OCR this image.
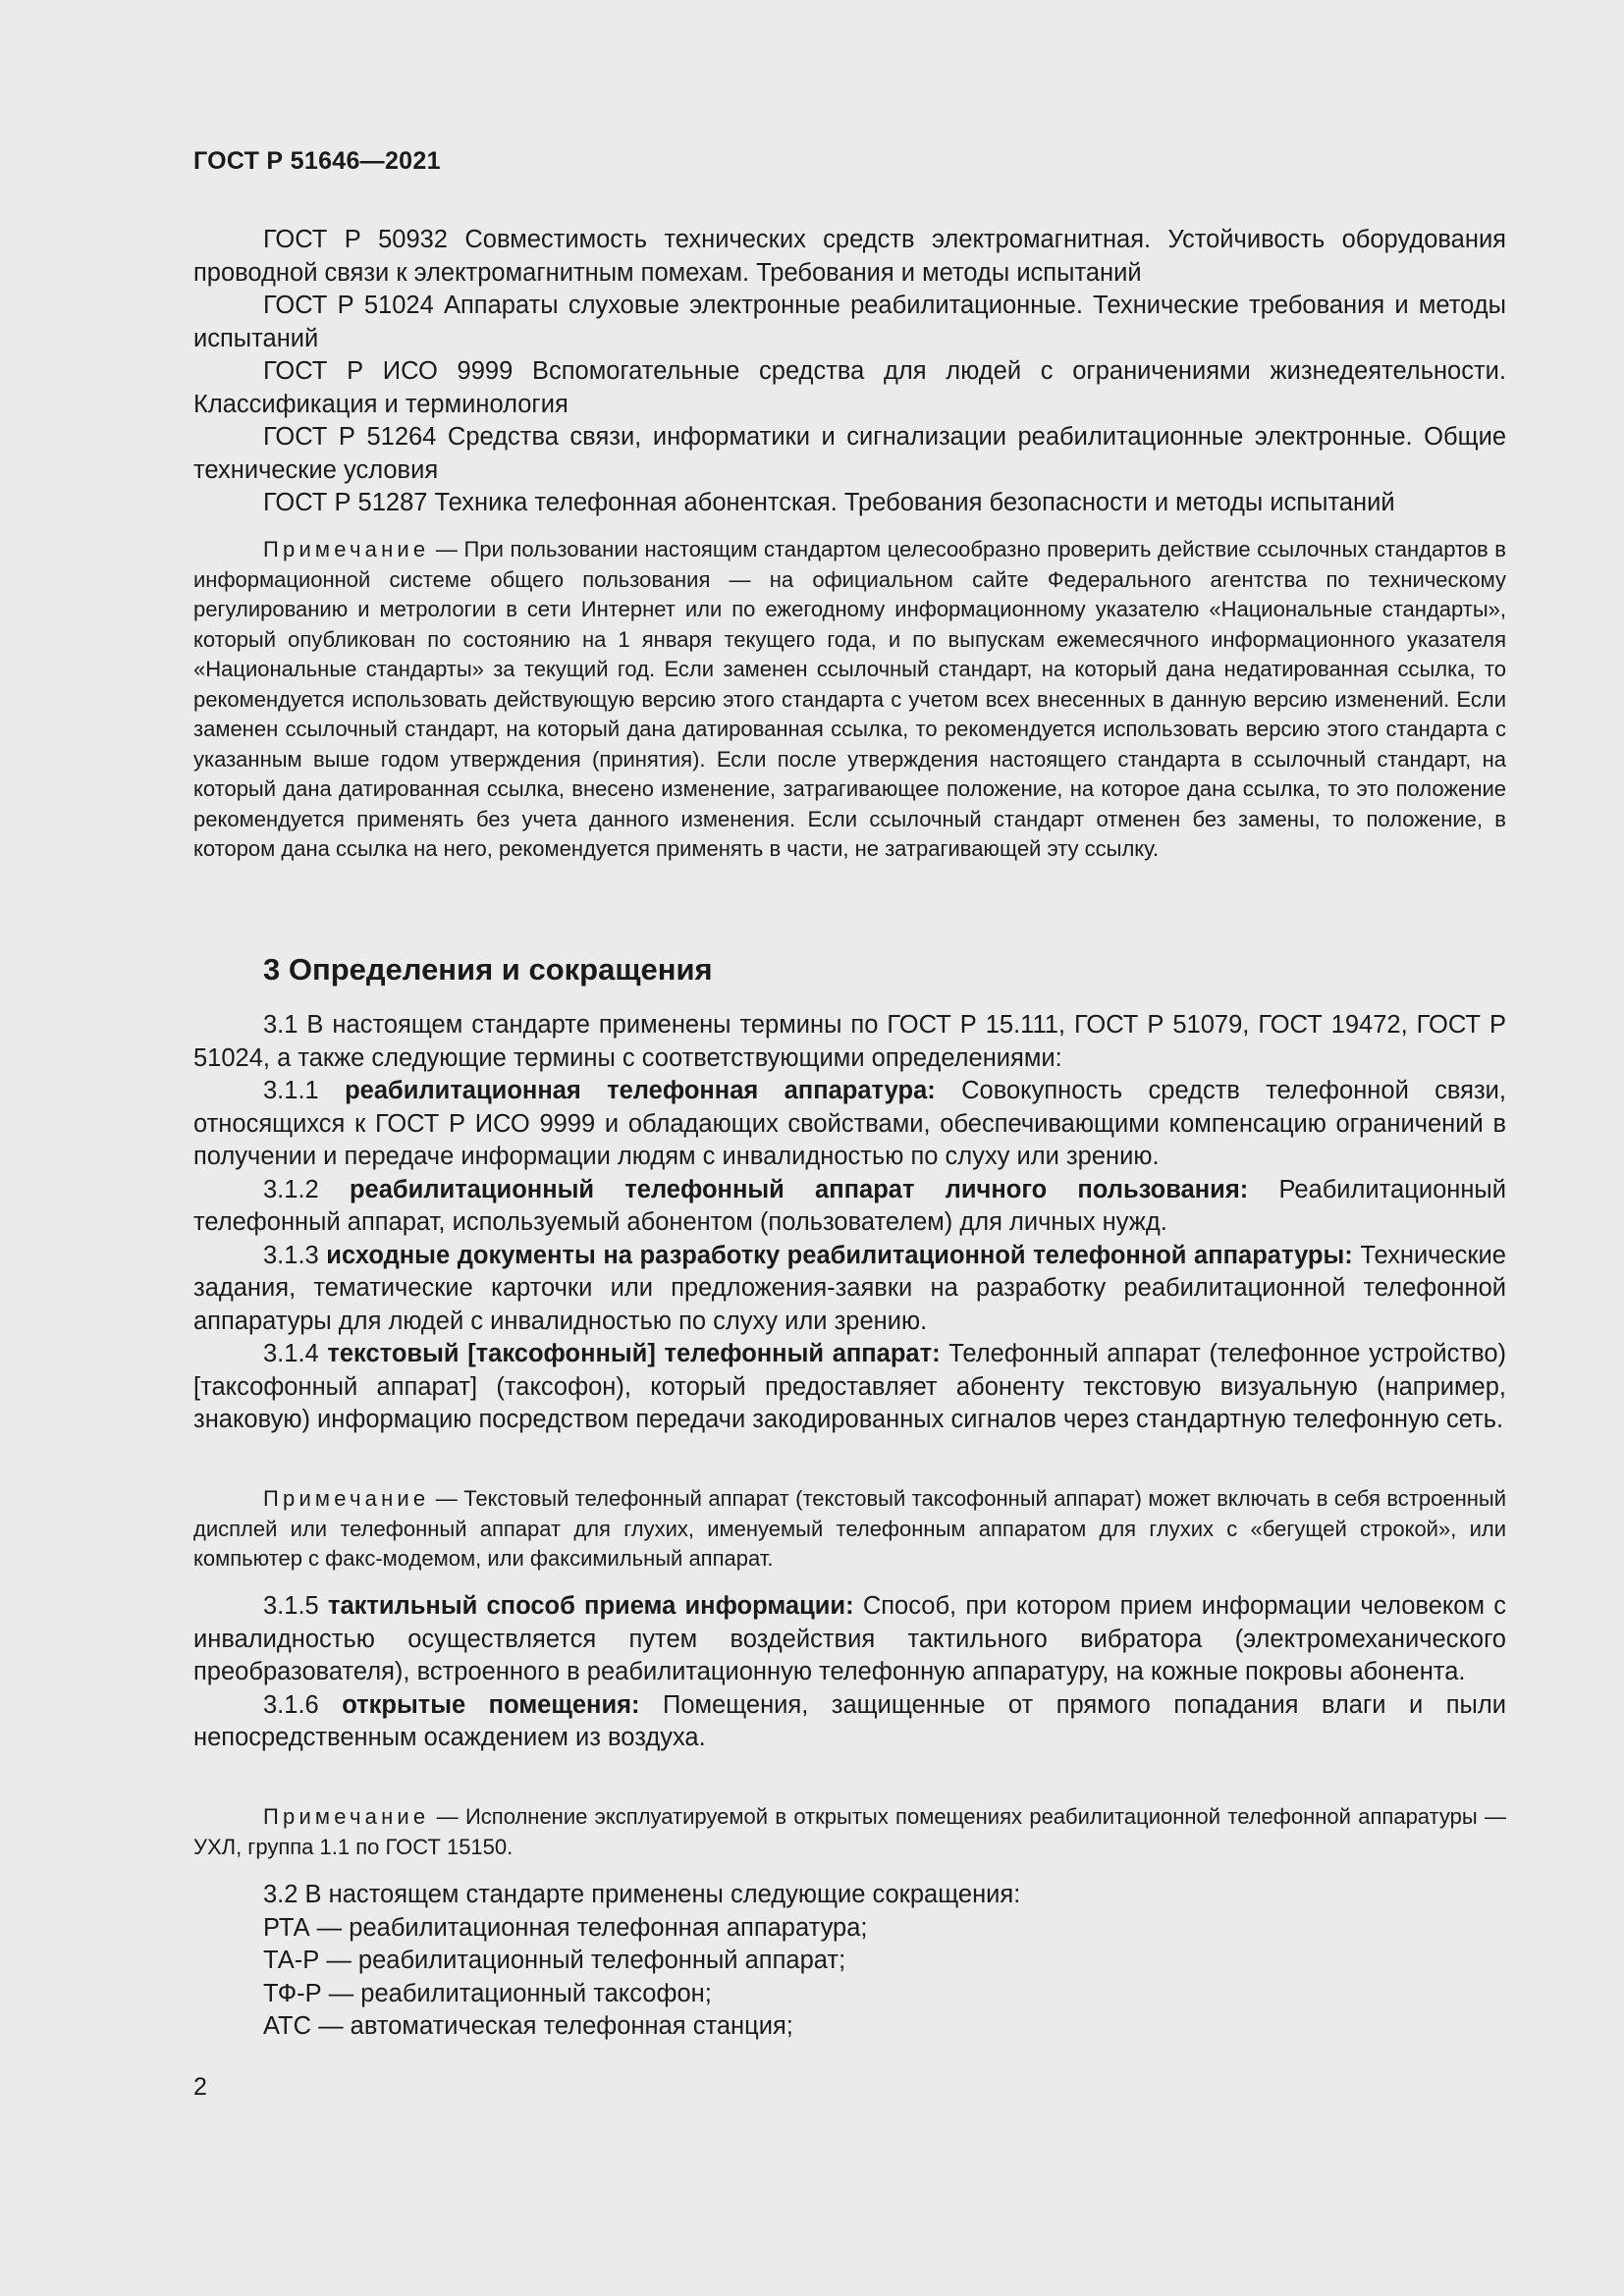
ГОСТ Р 51646—2021

ГОСТ Р 50932 Совместимость технических средств электромагнитная. Устойчивость оборудования проводной связи к электромагнитным помехам. Требования и методы испытаний

ГОСТ Р 51024 Аппараты слуховые электронные реабилитационные. Технические требования и методы испытаний

ГОСТ Р ИСО 9999 Вспомогательные средства для людей с ограничениями жизнедеятельности. Классификация и терминология

ГОСТ Р 51264 Средства связи, информатики и сигнализации реабилитационные электронные. Общие технические условия

ГОСТ Р 51287 Техника телефонная абонентская. Требования безопасности и методы испытаний

Примечание — При пользовании настоящим стандартом целесообразно проверить действие ссылочных стандартов в информационной системе общего пользования — на официальном сайте Федерального агентства по техническому регулированию и метрологии в сети Интернет или по ежегодному информационному указателю «Национальные стандарты», который опубликован по состоянию на 1 января текущего года, и по выпускам ежемесячного информационного указателя «Национальные стандарты» за текущий год. Если заменен ссылочный стандарт, на который дана недатированная ссылка, то рекомендуется использовать действующую версию этого стандарта с учетом всех внесенных в данную версию изменений. Если заменен ссылочный стандарт, на который дана датированная ссылка, то рекомендуется использовать версию этого стандарта с указанным выше годом утверждения (принятия). Если после утверждения настоящего стандарта в ссылочный стандарт, на который дана датированная ссылка, внесено изменение, затрагивающее положение, на которое дана ссылка, то это положение рекомендуется применять без учета данного изменения. Если ссылочный стандарт отменен без замены, то положение, в котором дана ссылка на него, рекомендуется применять в части, не затрагивающей эту ссылку.

3 Определения и сокращения

3.1 В настоящем стандарте применены термины по ГОСТ Р 15.111, ГОСТ Р 51079, ГОСТ 19472, ГОСТ Р 51024, а также следующие термины с соответствующими определениями:

3.1.1 реабилитационная телефонная аппаратура: Совокупность средств телефонной связи, относящихся к ГОСТ Р ИСО 9999 и обладающих свойствами, обеспечивающими компенсацию ограничений в получении и передаче информации людям с инвалидностью по слуху или зрению.

3.1.2 реабилитационный телефонный аппарат личного пользования: Реабилитационный телефонный аппарат, используемый абонентом (пользователем) для личных нужд.

3.1.3 исходные документы на разработку реабилитационной телефонной аппаратуры: Технические задания, тематические карточки или предложения-заявки на разработку реабилитационной телефонной аппаратуры для людей с инвалидностью по слуху или зрению.

3.1.4 текстовый [таксофонный] телефонный аппарат: Телефонный аппарат (телефонное устройство) [таксофонный аппарат] (таксофон), который предоставляет абоненту текстовую визуальную (например, знаковую) информацию посредством передачи закодированных сигналов через стандартную телефонную сеть.

Примечание — Текстовый телефонный аппарат (текстовый таксофонный аппарат) может включать в себя встроенный дисплей или телефонный аппарат для глухих, именуемый телефонным аппаратом для глухих с «бегущей строкой», или компьютер с факс-модемом, или факсимильный аппарат.

3.1.5 тактильный способ приема информации: Способ, при котором прием информации человеком с инвалидностью осуществляется путем воздействия тактильного вибратора (электромеханического преобразователя), встроенного в реабилитационную телефонную аппаратуру, на кожные покровы абонента.

3.1.6 открытые помещения: Помещения, защищенные от прямого попадания влаги и пыли непосредственным осаждением из воздуха.

Примечание — Исполнение эксплуатируемой в открытых помещениях реабилитационной телефонной аппаратуры — УХЛ, группа 1.1 по ГОСТ 15150.

3.2 В настоящем стандарте применены следующие сокращения:

РТА — реабилитационная телефонная аппаратура;

ТА-Р — реабилитационный телефонный аппарат;

ТФ-Р — реабилитационный таксофон;

АТС — автоматическая телефонная станция;

2
